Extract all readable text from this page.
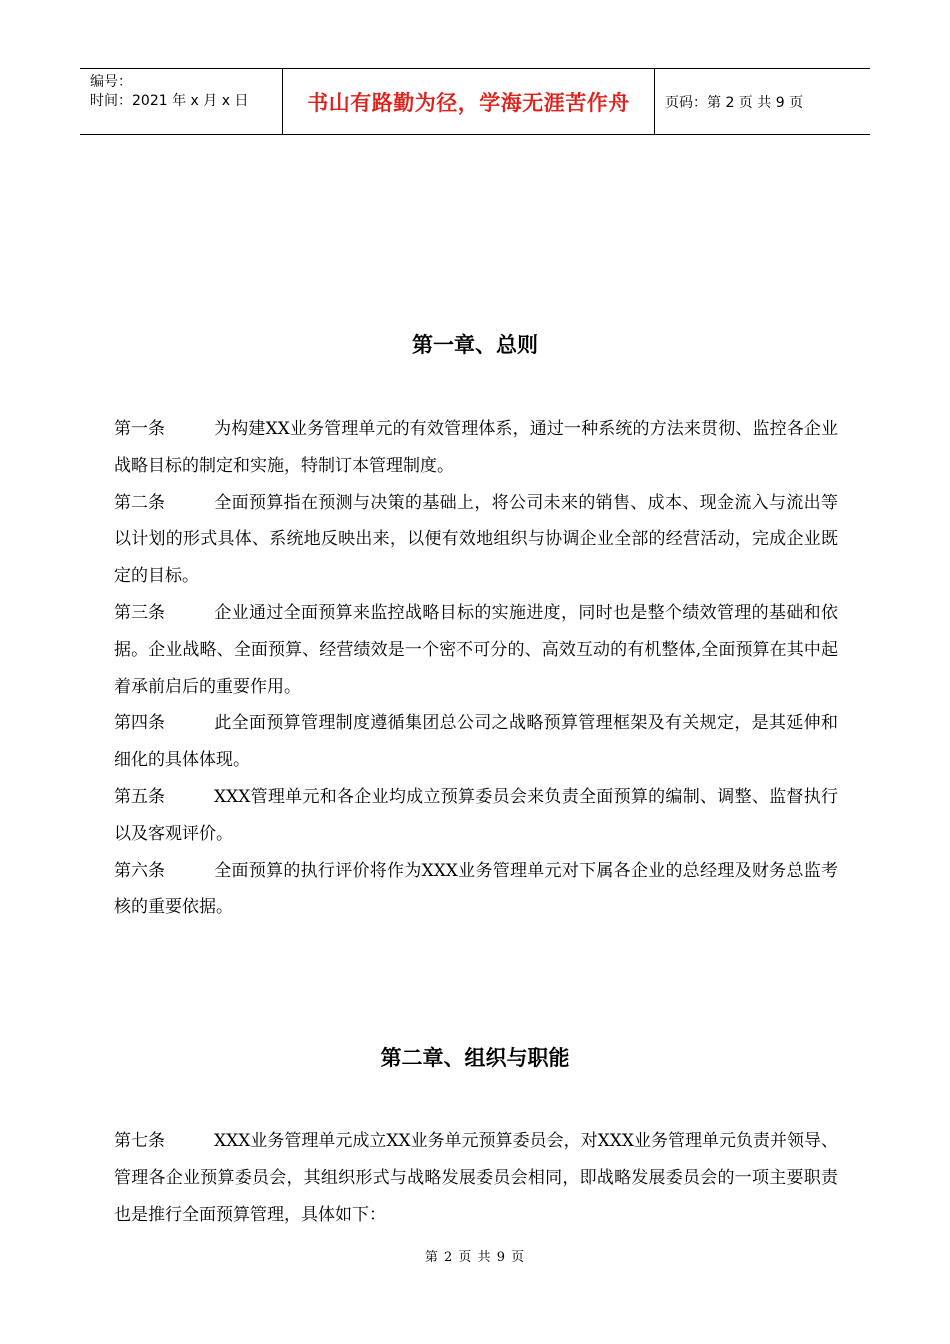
编号：
时间：2021 年 x 月 x 日	书山有路勤为径，学海无涯苦作舟	页码：第 2 页 共 9 页
第一章、总则

第一条	为构建XX业务管理单元的有效管理体系，通过一种系统的方法来贯彻、监控各企业战略目标的制定和实施，特制订本管理制度。

第二条	全面预算指在预测与决策的基础上，将公司未来的销售、成本、现金流入与流出等以计划的形式具体、系统地反映出来，以便有效地组织与协调企业全部的经营活动，完成企业既定的目标。

第三条	企业通过全面预算来监控战略目标的实施进度，同时也是整个绩效管理的基础和依据。企业战略、全面预算、经营绩效是一个密不可分的、高效互动的有机整体,全面预算在其中起着承前启后的重要作用。

第四条	此全面预算管理制度遵循集团总公司之战略预算管理框架及有关规定，是其延伸和细化的具体体现。

第五条	XXX管理单元和各企业均成立预算委员会来负责全面预算的编制、调整、监督执行以及客观评价。

第六条	全面预算的执行评价将作为XXX业务管理单元对下属各企业的总经理及财务总监考核的重要依据。

第二章、组织与职能

第七条	XXX业务管理单元成立XX业务单元预算委员会，对XXX业务管理单元负责并领导、管理各企业预算委员会，其组织形式与战略发展委员会相同，即战略发展委员会的一项主要职责也是推行全面预算管理，具体如下：

第 2 页 共 9 页
